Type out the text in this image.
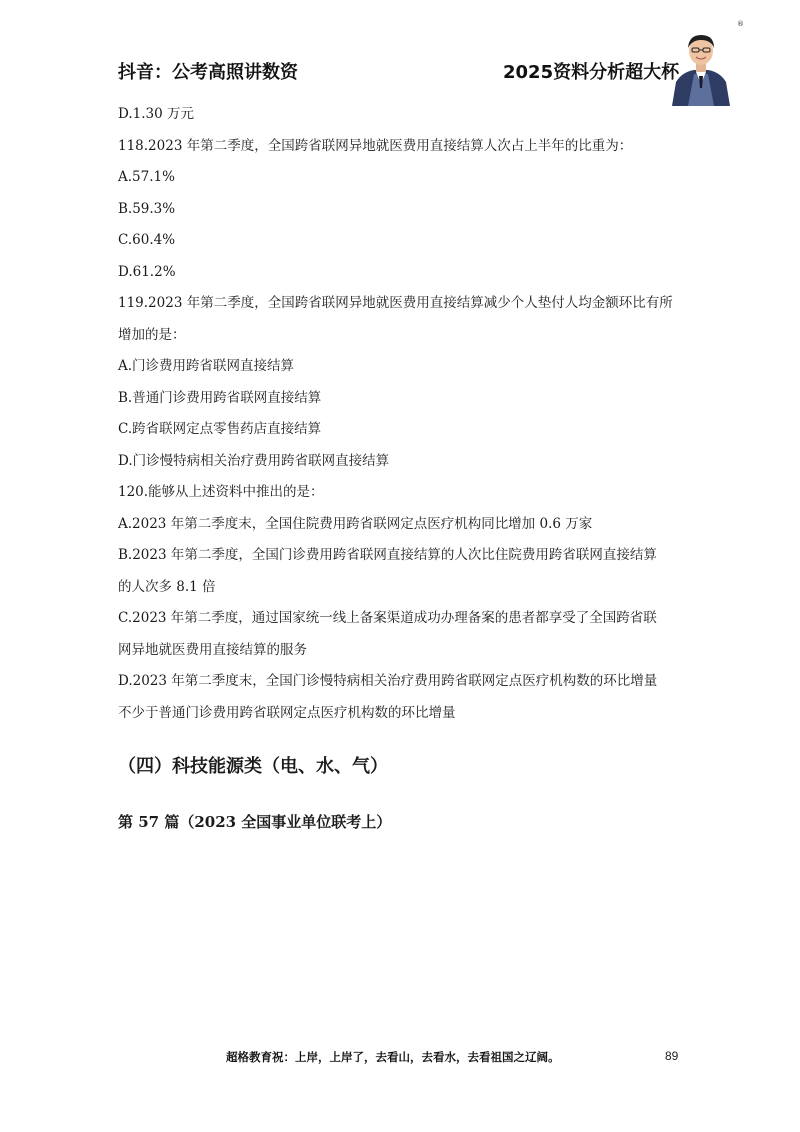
抖音：公考高照讲数资	2025资料分析超大杯
®

D.1.30 万元

118.2023 年第二季度，全国跨省联网异地就医费用直接结算人次占上半年的比重为：

A.57.1%

B.59.3%

C.60.4%

D.61.2%

119.2023 年第二季度，全国跨省联网异地就医费用直接结算减少个人垫付人均金额环比有所

增加的是：

A.门诊费用跨省联网直接结算

B.普通门诊费用跨省联网直接结算

C.跨省联网定点零售药店直接结算

D.门诊慢特病相关治疗费用跨省联网直接结算

120.能够从上述资料中推出的是：

A.2023 年第二季度末，全国住院费用跨省联网定点医疗机构同比增加 0.6 万家

B.2023 年第二季度，全国门诊费用跨省联网直接结算的人次比住院费用跨省联网直接结算

的人次多 8.1 倍

C.2023 年第二季度，通过国家统一线上备案渠道成功办理备案的患者都享受了全国跨省联

网异地就医费用直接结算的服务

D.2023 年第二季度末，全国门诊慢特病相关治疗费用跨省联网定点医疗机构数的环比增量

不少于普通门诊费用跨省联网定点医疗机构数的环比增量

（四）科技能源类（电、水、气）
第 57 篇（2023 全国事业单位联考上）

超格教育祝：上岸，上岸了，去看山，去看水，去看祖国之辽阔。	89
